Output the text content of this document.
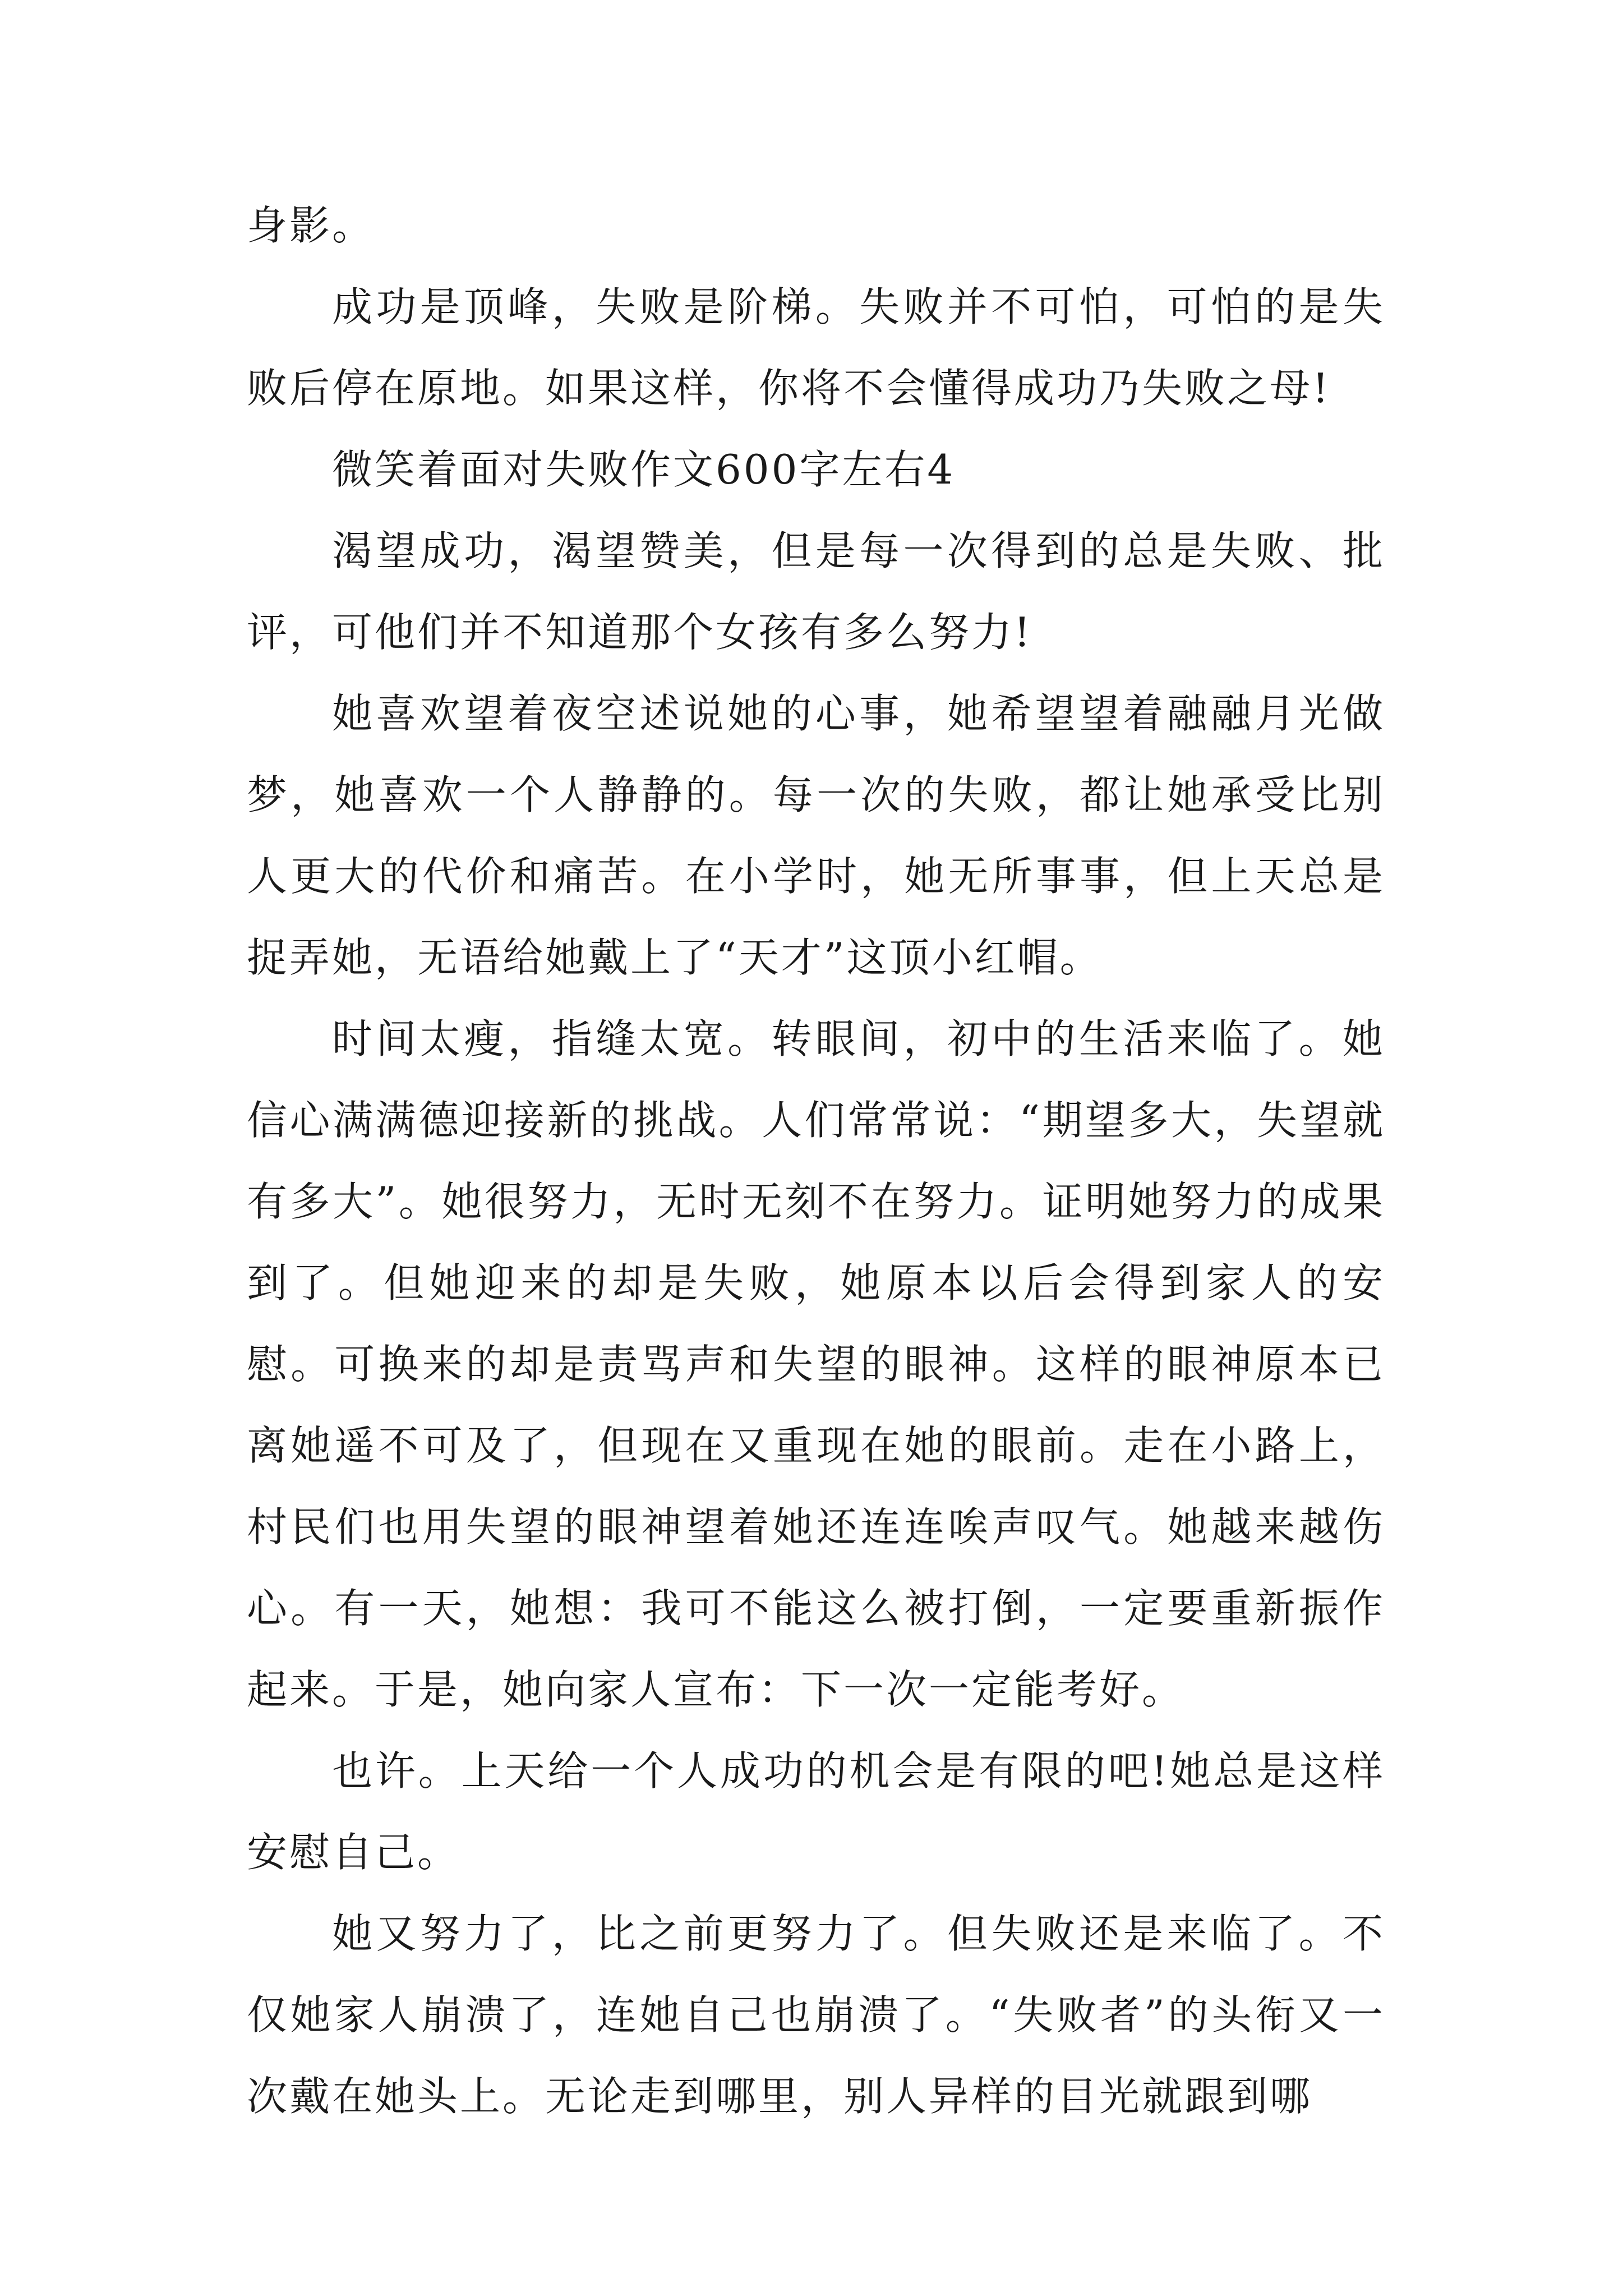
身影。

成功是顶峰，失败是阶梯。失败并不可怕，可怕的是失败后停在原地。如果这样，你将不会懂得成功乃失败之母!

微笑着面对失败作文600字左右4

渴望成功，渴望赞美，但是每一次得到的总是失败、批评，可他们并不知道那个女孩有多么努力!

她喜欢望着夜空述说她的心事，她希望望着融融月光做梦，她喜欢一个人静静的。每一次的失败，都让她承受比别人更大的代价和痛苦。在小学时，她无所事事，但上天总是捉弄她，无语给她戴上了“天才”这顶小红帽。

时间太瘦，指缝太宽。转眼间，初中的生活来临了。她信心满满德迎接新的挑战。人们常常说：“期望多大，失望就有多大”。她很努力，无时无刻不在努力。证明她努力的成果到了。但她迎来的却是失败，她原本以后会得到家人的安慰。可换来的却是责骂声和失望的眼神。这样的眼神原本已离她遥不可及了，但现在又重现在她的眼前。走在小路上，村民们也用失望的眼神望着她还连连唉声叹气。她越来越伤心。有一天，她想：我可不能这么被打倒，一定要重新振作起来。于是，她向家人宣布：下一次一定能考好。

也许。上天给一个人成功的机会是有限的吧!她总是这样安慰自己。

她又努力了，比之前更努力了。但失败还是来临了。不仅她家人崩溃了，连她自己也崩溃了。“失败者”的头衔又一次戴在她头上。无论走到哪里，别人异样的目光就跟到哪
